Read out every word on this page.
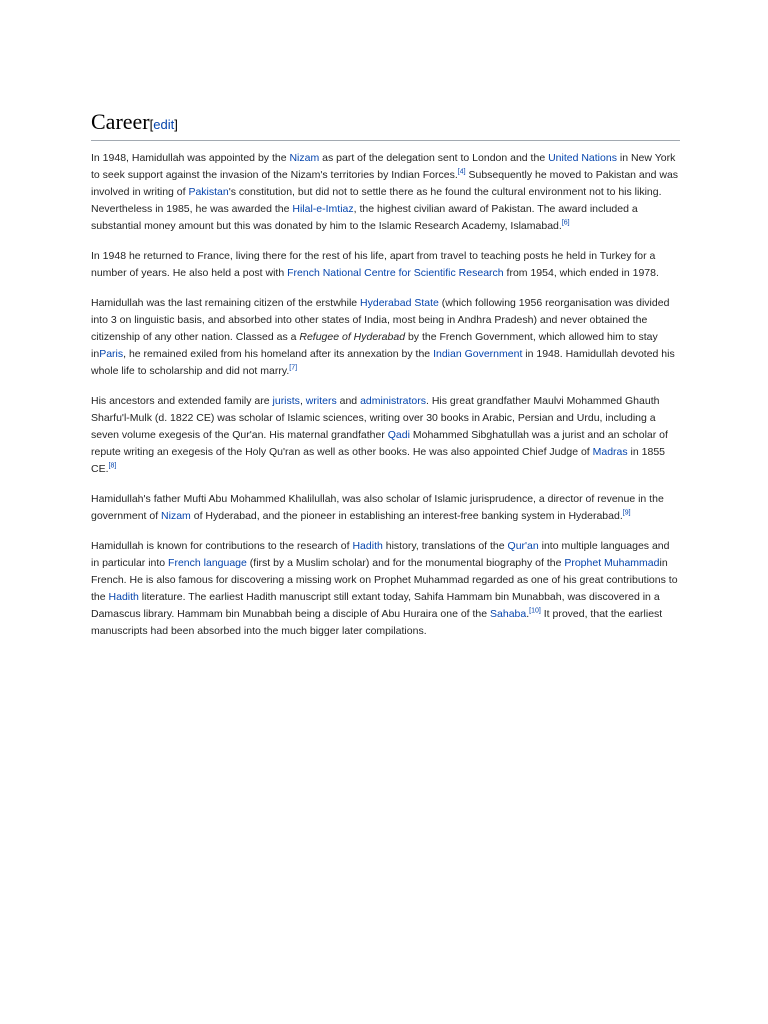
Career[edit]

In 1948, Hamidullah was appointed by the Nizam as part of the delegation sent to London and the United Nations in New York to seek support against the invasion of the Nizam's territories by Indian Forces.[4] Subsequently he moved to Pakistan and was involved in writing of Pakistan's constitution, but did not to settle there as he found the cultural environment not to his liking. Nevertheless in 1985, he was awarded the Hilal-e-Imtiaz, the highest civilian award of Pakistan. The award included a substantial money amount but this was donated by him to the Islamic Research Academy, Islamabad.[6]

In 1948 he returned to France, living there for the rest of his life, apart from travel to teaching posts he held in Turkey for a number of years. He also held a post with French National Centre for Scientific Research from 1954, which ended in 1978.

Hamidullah was the last remaining citizen of the erstwhile Hyderabad State (which following 1956 reorganisation was divided into 3 on linguistic basis, and absorbed into other states of India, most being in Andhra Pradesh) and never obtained the citizenship of any other nation. Classed as a Refugee of Hyderabad by the French Government, which allowed him to stay inParis, he remained exiled from his homeland after its annexation by the Indian Government in 1948. Hamidullah devoted his whole life to scholarship and did not marry.[7]

His ancestors and extended family are jurists, writers and administrators. His great grandfather Maulvi Mohammed Ghauth Sharfu'l-Mulk (d. 1822 CE) was scholar of Islamic sciences, writing over 30 books in Arabic, Persian and Urdu, including a seven volume exegesis of the Qur'an. His maternal grandfather Qadi Mohammed Sibghatullah was a jurist and an scholar of repute writing an exegesis of the Holy Qu'ran as well as other books. He was also appointed Chief Judge of Madras in 1855 CE.[8]

Hamidullah's father Mufti Abu Mohammed Khalilullah, was also scholar of Islamic jurisprudence, a director of revenue in the government of Nizam of Hyderabad, and the pioneer in establishing an interest-free banking system in Hyderabad.[9]

Hamidullah is known for contributions to the research of Hadith history, translations of the Qur'an into multiple languages and in particular into French language (first by a Muslim scholar) and for the monumental biography of the Prophet Muhammadin French. He is also famous for discovering a missing work on Prophet Muhammad regarded as one of his great contributions to the Hadith literature. The earliest Hadith manuscript still extant today, Sahifa Hammam bin Munabbah, was discovered in a Damascus library. Hammam bin Munabbah being a disciple of Abu Huraira one of the Sahaba.[10] It proved, that the earliest manuscripts had been absorbed into the much bigger later compilations.
